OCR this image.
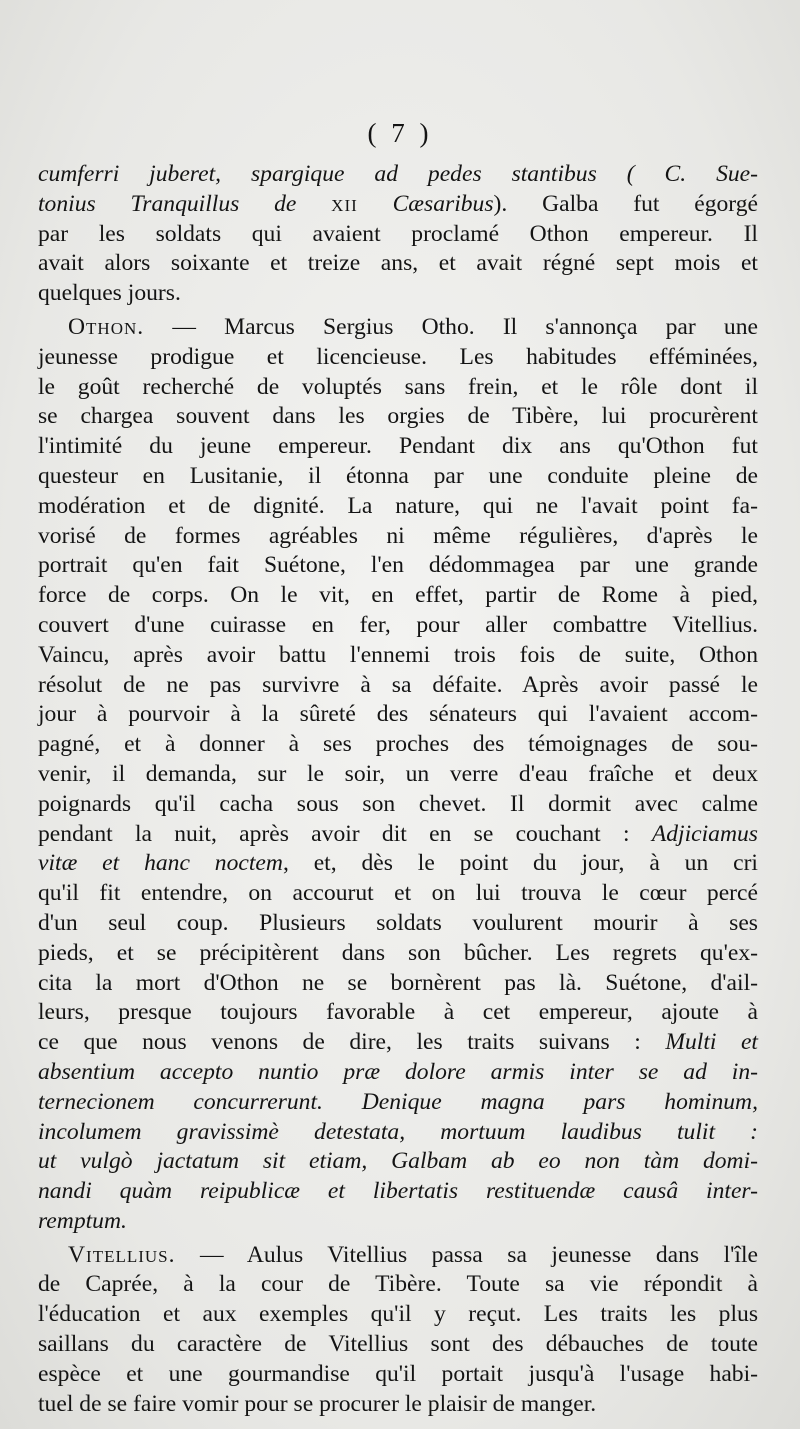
( 7 )
cumferri juberet, spargique ad pedes stantibus ( C. Sue-
tonius Tranquillus de xii Cæsaribus). Galba fut égorgé
par les soldats qui avaient proclamé Othon empereur. Il
avait alors soixante et treize ans, et avait régné sept mois et
quelques jours.
Othon. — Marcus Sergius Otho. Il s'annonça par une
jeunesse prodigue et licencieuse. Les habitudes efféminées,
le goût recherché de voluptés sans frein, et le rôle dont il
se chargea souvent dans les orgies de Tibère, lui procurèrent
l'intimité du jeune empereur. Pendant dix ans qu'Othon fut
questeur en Lusitanie, il étonna par une conduite pleine de
modération et de dignité. La nature, qui ne l'avait point fa-
vorisé de formes agréables ni même régulières, d'après le
portrait qu'en fait Suétone, l'en dédommagea par une grande
force de corps. On le vit, en effet, partir de Rome à pied,
couvert d'une cuirasse en fer, pour aller combattre Vitellius.
Vaincu, après avoir battu l'ennemi trois fois de suite, Othon
résolut de ne pas survivre à sa défaite. Après avoir passé le
jour à pourvoir à la sûreté des sénateurs qui l'avaient accom-
pagné, et à donner à ses proches des témoignages de sou-
venir, il demanda, sur le soir, un verre d'eau fraîche et deux
poignards qu'il cacha sous son chevet. Il dormit avec calme
pendant la nuit, après avoir dit en se couchant : Adjiciamus
vitæ et hanc noctem, et, dès le point du jour, à un cri
qu'il fit entendre, on accourut et on lui trouva le cœur percé
d'un seul coup. Plusieurs soldats voulurent mourir à ses
pieds, et se précipitèrent dans son bûcher. Les regrets qu'ex-
cita la mort d'Othon ne se bornèrent pas là. Suétone, d'ail-
leurs, presque toujours favorable à cet empereur, ajoute à
ce que nous venons de dire, les traits suivans : Multi et
absentium accepto nuntio præ dolore armis inter se ad in-
ternecionem concurrerunt. Denique magna pars hominum,
incolumem gravissimè detestata, mortuum laudibus tulit :
ut vulgò jactatum sit etiam, Galbam ab eo non tàm domi-
nandi quàm reipublicæ et libertatis restituendæ causâ inter-
remptum.
Vitellius. — Aulus Vitellius passa sa jeunesse dans l'île
de Caprée, à la cour de Tibère. Toute sa vie répondit à
l'éducation et aux exemples qu'il y reçut. Les traits les plus
saillans du caractère de Vitellius sont des débauches de toute
espèce et une gourmandise qu'il portait jusqu'à l'usage habi-
tuel de se faire vomir pour se procurer le plaisir de manger.
